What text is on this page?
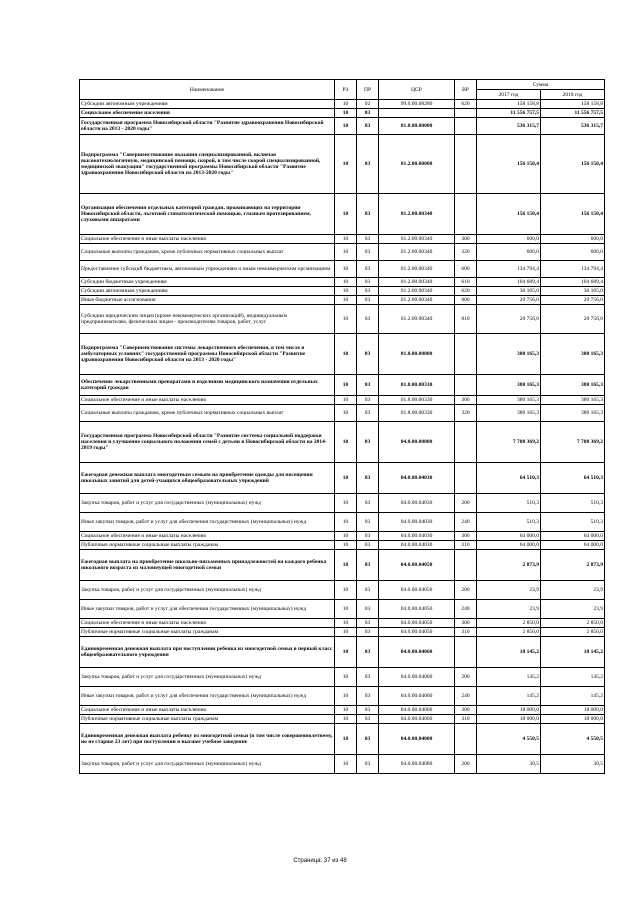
Наименование	РЗ	ПР	ЦСР	ВР	Сумма	
					2017 год	2018 год
Субсидии автономным учреждениям	10	02	99.0.00.08280	620	158 158,8	158 158,8
Социальное обеспечение населения	10	03			11 556 757,5	11 556 757,5
Государственная программа Новосибирской области "Развитие здравоохранения Новосибирской области на 2013 - 2020 годы"	10	03	01.0.00.00000		536 315,7	536 315,7
Подпрограмма "Совершенствование оказания специализированной, включая высокотехнологичную, медицинской помощи, скорой, в том числе скорой специализированной, медицинской эвакуации" государственной программы Новосибирской области "Развитие здравоохранения Новосибирской области на 2013-2020 годы"	10	03	01.2.00.00000		156 150,4	156 150,4
Организация обеспечения отдельных категорий граждан, проживающих на территории Новосибирской области, льготной стоматологической помощью, глазным протезированием, слуховыми аппаратами	10	03	01.2.00.00340		156 150,4	156 150,4
Социальное обеспечение и иные выплаты населению	10	03	01.2.00.00340	300	600,0	600,0
Социальные выплаты гражданам, кроме публичных нормативных социальных выплат	10	03	01.2.00.00340	320	600,0	600,0
Предоставление субсидий бюджетным, автономным учреждениям и иным некоммерческим организациям	10	03	01.2.00.00340	600	134 794,4	134 794,4
Субсидии бюджетным учреждениям	10	03	01.2.00.00340	610	104 689,4	104 689,4
Субсидии автономным учреждениям	10	03	01.2.00.00340	620	30 105,0	30 105,0
Иные бюджетные ассигнования	10	03	01.2.00.00340	800	20 756,0	20 756,0
Субсидии юридическим лицам (кроме некоммерческих организаций), индивидуальным предпринимателям, физическим лицам - производителям товаров, работ, услуг	10	03	01.2.00.00340	810	20 756,0	20 756,0
Подпрограмма "Совершенствование системы лекарственного обеспечения, в том числе в амбулаторных условиях" государственной программы Новосибирской области "Развитие здравоохранения Новосибирской области на 2013 - 2020 годы"	10	03	01.8.00.00000		380 165,3	380 165,3
Обеспечение лекарственными препаратами и изделиями медицинского назначения отдельных категорий граждан	10	03	01.8.00.00330		380 165,3	380 165,3
Социальное обеспечение и иные выплаты населению	10	03	01.8.00.00330	300	380 165,3	380 165,3
Социальные выплаты гражданам, кроме публичных нормативных социальных выплат	10	03	01.8.00.00330	320	380 165,3	380 165,3
Государственная программа Новосибирской области "Развитие системы социальной поддержки населения и улучшение социального положения семей с детьми в Новосибирской области на 2014-2019 годы"	10	03	04.0.00.00000		7 788 369,2	7 788 369,2
Ежегодная денежная выплата многодетным семьям на приобретение одежды для посещения школьных занятий для детей-учащихся общеобразовательных учреждений	10	03	04.0.00.04030		64 510,3	64 510,3
Закупка товаров, работ и услуг для государственных (муниципальных) нужд	10	03	04.0.00.04030	200	510,3	510,3
Иные закупки товаров, работ и услуг для обеспечения государственных (муниципальных) нужд	10	03	04.0.00.04030	240	510,3	510,3
Социальное обеспечение и иные выплаты населению	10	03	04.0.00.04030	300	64 000,0	64 000,0
Публичные нормативные социальные выплаты гражданам	10	03	04.0.00.04030	310	64 000,0	64 000,0
Ежегодная выплата на приобретение школьно-письменных принадлежностей на каждого ребенка школьного возраста из малоимущей многодетной семьи	10	03	04.0.00.04050		2 873,9	2 873,9
Закупка товаров, работ и услуг для государственных (муниципальных) нужд	10	03	04.0.00.04050	200	23,9	23,9
Иные закупки товаров, работ и услуг для обеспечения государственных (муниципальных) нужд	10	03	04.0.00.04050	240	23,9	23,9
Социальное обеспечение и иные выплаты населению	10	03	04.0.00.04050	300	2 850,0	2 850,0
Публичные нормативные социальные выплаты гражданам	10	03	04.0.00.04050	310	2 850,0	2 850,0
Единовременная денежная выплата при поступлении ребенка из многодетной семьи в первый класс общеобразовательного учреждения	10	03	04.0.00.04060		18 145,2	18 145,2
Закупка товаров, работ и услуг для государственных (муниципальных) нужд	10	03	04.0.00.04060	200	145,2	145,2
Иные закупки товаров, работ и услуг для обеспечения государственных (муниципальных) нужд	10	03	04.0.00.04060	240	145,2	145,2
Социальное обеспечение и иные выплаты населению	10	03	04.0.00.04060	300	18 000,0	18 000,0
Публичные нормативные социальные выплаты гражданам	10	03	04.0.00.04060	310	18 000,0	18 000,0
Единовременная денежная выплата ребенку из многодетной семьи (в том числе совершеннолетнему, но не старше 23 лет) при поступлении в высшее учебное заведение	10	03	04.0.00.04080		4 550,5	4 550,5
Закупка товаров, работ и услуг для государственных (муниципальных) нужд	10	03	04.0.00.04080	200	30,5	30,5
Страница: 37 из 48
